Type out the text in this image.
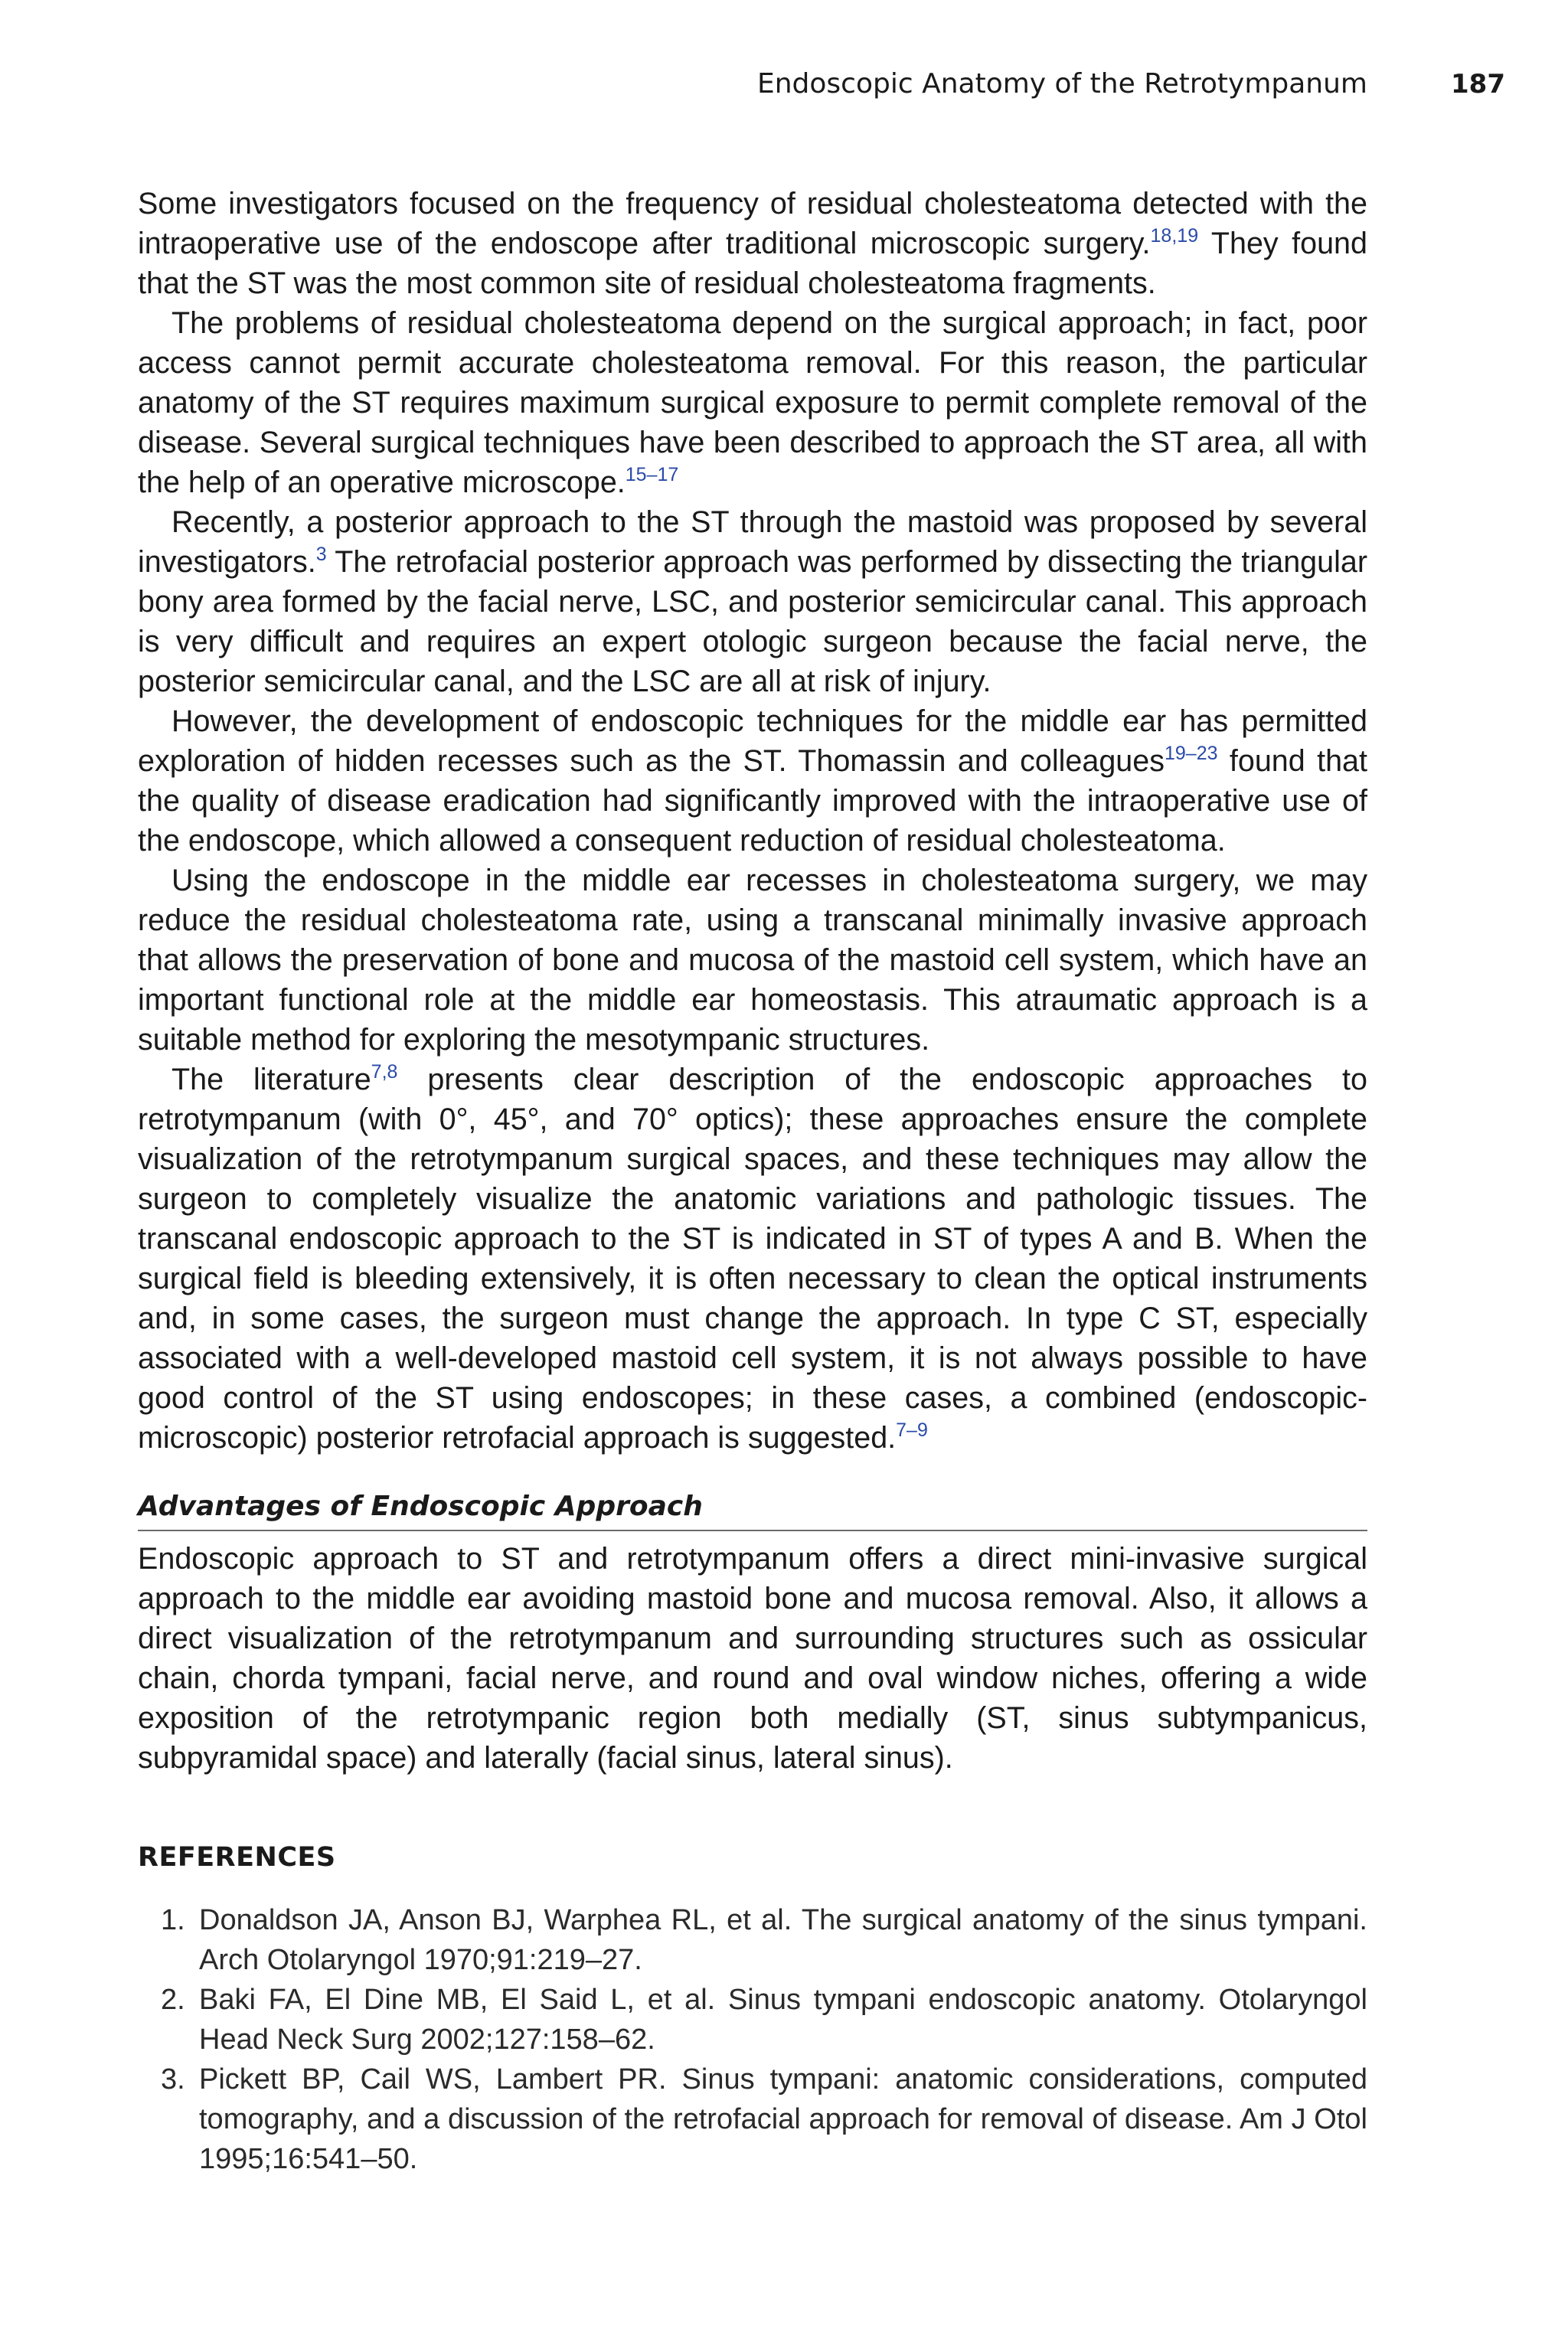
Endoscopic Anatomy of the Retrotympanum	187

Some investigators focused on the frequency of residual cholesteatoma detected with the intraoperative use of the endoscope after traditional microscopic surgery.$^{18,19}$ They found that the ST was the most common site of residual cholesteatoma fragments.

The problems of residual cholesteatoma depend on the surgical approach; in fact, poor access cannot permit accurate cholesteatoma removal. For this reason, the particular anatomy of the ST requires maximum surgical exposure to permit complete removal of the disease. Several surgical techniques have been described to approach the ST area, all with the help of an operative microscope.$^{15-17}$

Recently, a posterior approach to the ST through the mastoid was proposed by several investigators.$^3$ The retrofacial posterior approach was performed by dissecting the triangular bony area formed by the facial nerve, LSC, and posterior semicircular canal. This approach is very difficult and requires an expert otologic surgeon because the facial nerve, the posterior semicircular canal, and the LSC are all at risk of injury.

However, the development of endoscopic techniques for the middle ear has permitted exploration of hidden recesses such as the ST. Thomassin and colleagues$^{19-23}$ found that the quality of disease eradication had significantly improved with the intraoperative use of the endoscope, which allowed a consequent reduction of residual cholesteatoma.

Using the endoscope in the middle ear recesses in cholesteatoma surgery, we may reduce the residual cholesteatoma rate, using a transcanal minimally invasive approach that allows the preservation of bone and mucosa of the mastoid cell system, which have an important functional role at the middle ear homeostasis. This atraumatic approach is a suitable method for exploring the mesotympanic structures.

The literature$^{7,8}$ presents clear description of the endoscopic approaches to retrotympanum (with 0°, 45°, and 70° optics); these approaches ensure the complete visualization of the retrotympanum surgical spaces, and these techniques may allow the surgeon to completely visualize the anatomic variations and pathologic tissues. The transcanal endoscopic approach to the ST is indicated in ST of types A and B. When the surgical field is bleeding extensively, it is often necessary to clean the optical instruments and, in some cases, the surgeon must change the approach. In type C ST, especially associated with a well-developed mastoid cell system, it is not always possible to have good control of the ST using endoscopes; in these cases, a combined (endoscopic-microscopic) posterior retrofacial approach is suggested.$^{7-9}$

Advantages of Endoscopic Approach

Endoscopic approach to ST and retrotympanum offers a direct mini-invasive surgical approach to the middle ear avoiding mastoid bone and mucosa removal. Also, it allows a direct visualization of the retrotympanum and surrounding structures such as ossicular chain, chorda tympani, facial nerve, and round and oval window niches, offering a wide exposition of the retrotympanic region both medially (ST, sinus subtympanicus, subpyramidal space) and laterally (facial sinus, lateral sinus).

REFERENCES
1. Donaldson JA, Anson BJ, Warphea RL, et al. The surgical anatomy of the sinus tympani. Arch Otolaryngol 1970;91:219–27.
2. Baki FA, El Dine MB, El Said L, et al. Sinus tympani endoscopic anatomy. Otolaryngol Head Neck Surg 2002;127:158–62.
3. Pickett BP, Cail WS, Lambert PR. Sinus tympani: anatomic considerations, computed tomography, and a discussion of the retrofacial approach for removal of disease. Am J Otol 1995;16:541–50.
